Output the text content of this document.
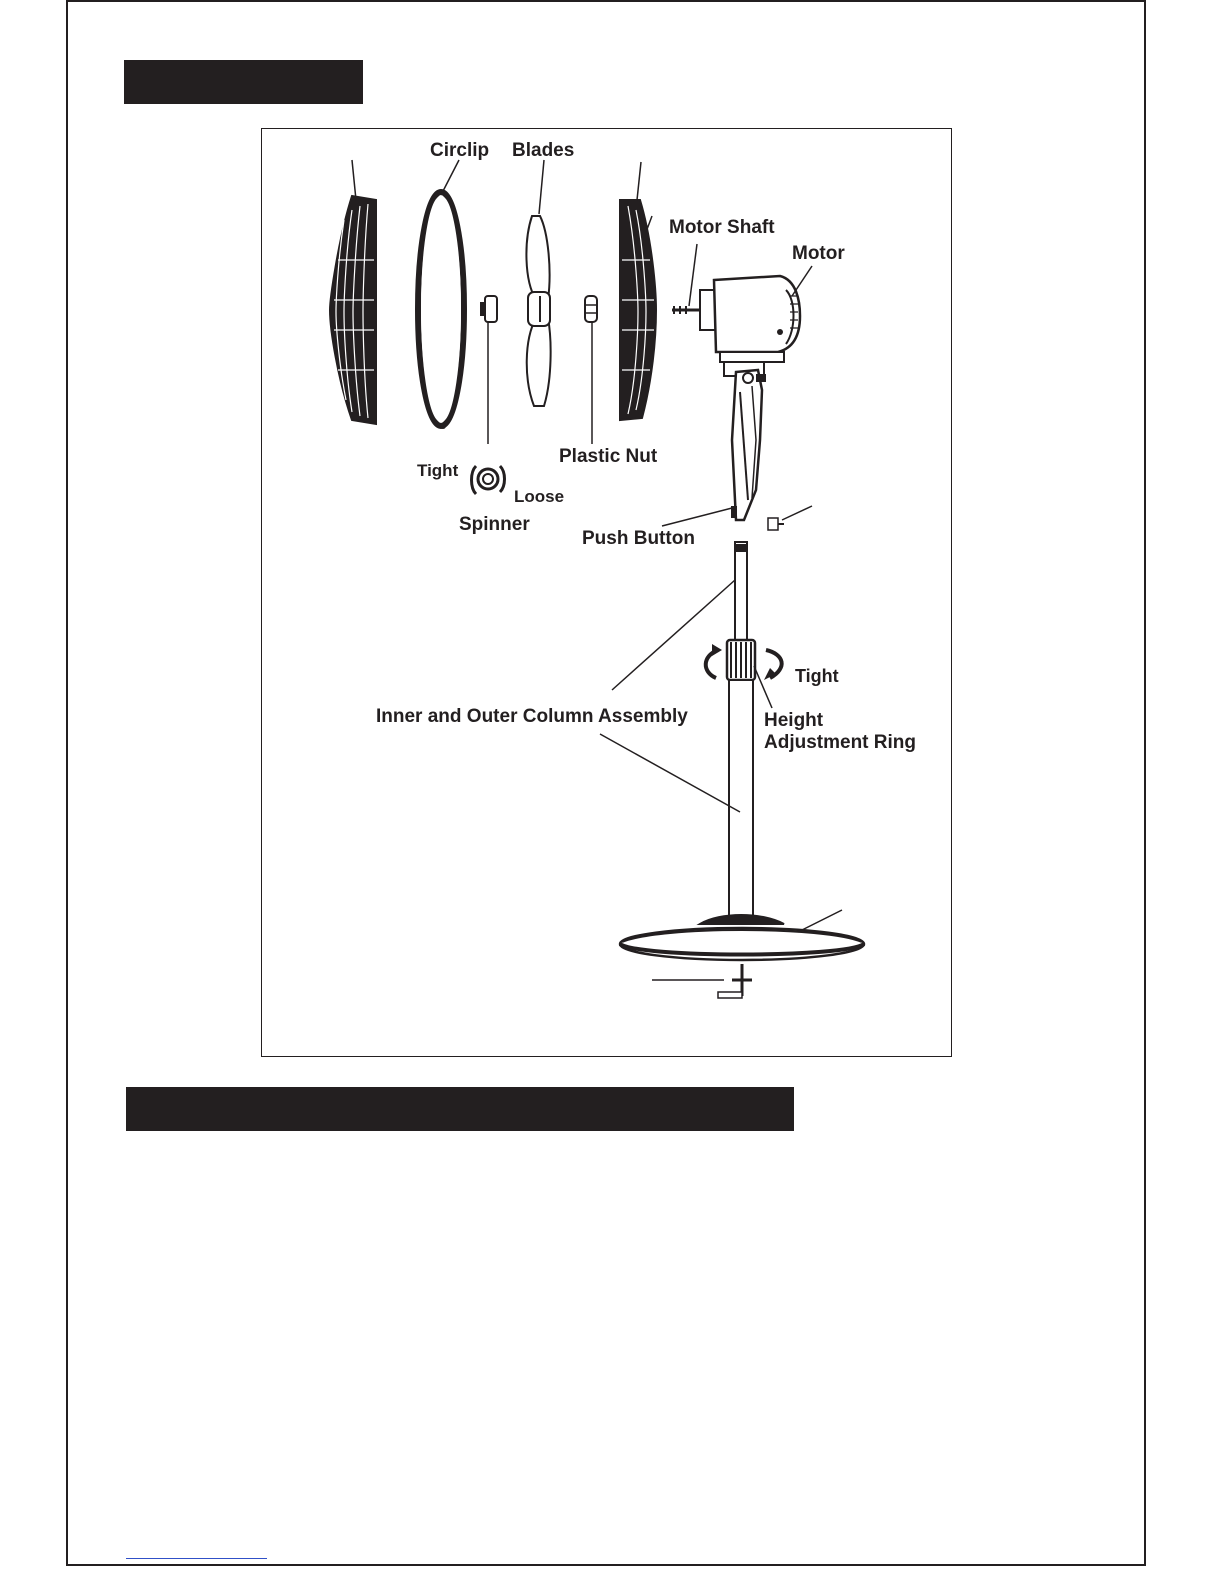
Circlip Blades
Motor Shaft
Motor
Tight
Loose
Spinner
Plastic Nut
Push Button
Tight
Inner and Outer Column Assembly	Height
Adjustment Ring
